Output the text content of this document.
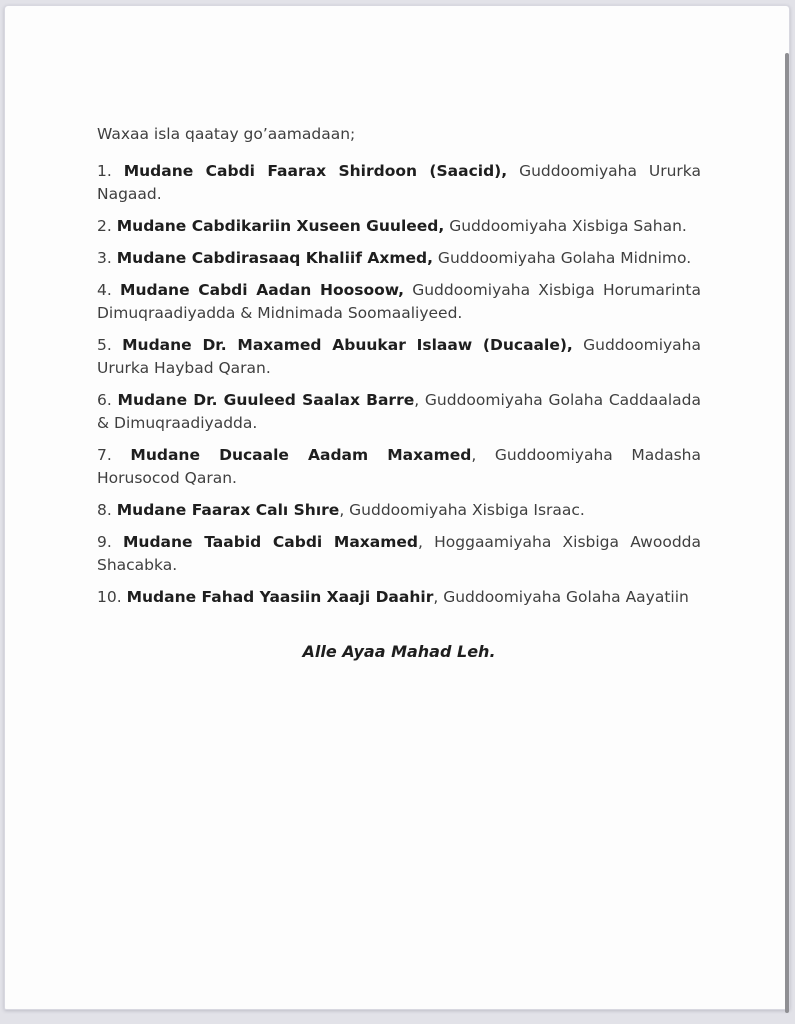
Waxaa isla qaatay go’aamadaan;

1. Mudane Cabdi Faarax Shirdoon (Saacid), Guddoomiyaha Ururka Nagaad.
2. Mudane Cabdikariin Xuseen Guuleed, Guddoomiyaha Xisbiga Sahan.
3. Mudane Cabdirasaaq Khaliif Axmed, Guddoomiyaha Golaha Midnimo.
4. Mudane Cabdi Aadan Hoosoow, Guddoomiyaha Xisbiga Horumarinta Dimuqraadiyadda & Midnimada Soomaaliyeed.
5. Mudane Dr. Maxamed Abuukar Islaaw (Ducaale), Guddoomiyaha Ururka Haybad Qaran.
6. Mudane Dr. Guuleed Saalax Barre, Guddoomiyaha Golaha Caddaalada & Dimuqraadiyadda.
7. Mudane Ducaale Aadam Maxamed, Guddoomiyaha Madasha Horusocod Qaran.
8. Mudane Faarax Calı Shıre, Guddoomiyaha Xisbiga Israac.
9. Mudane Taabid Cabdi Maxamed, Hoggaamiyaha Xisbiga Awoodda Shacabka.
10. Mudane Fahad Yaasiin Xaaji Daahir, Guddoomiyaha Golaha Aayatiin

Alle Ayaa Mahad Leh.
